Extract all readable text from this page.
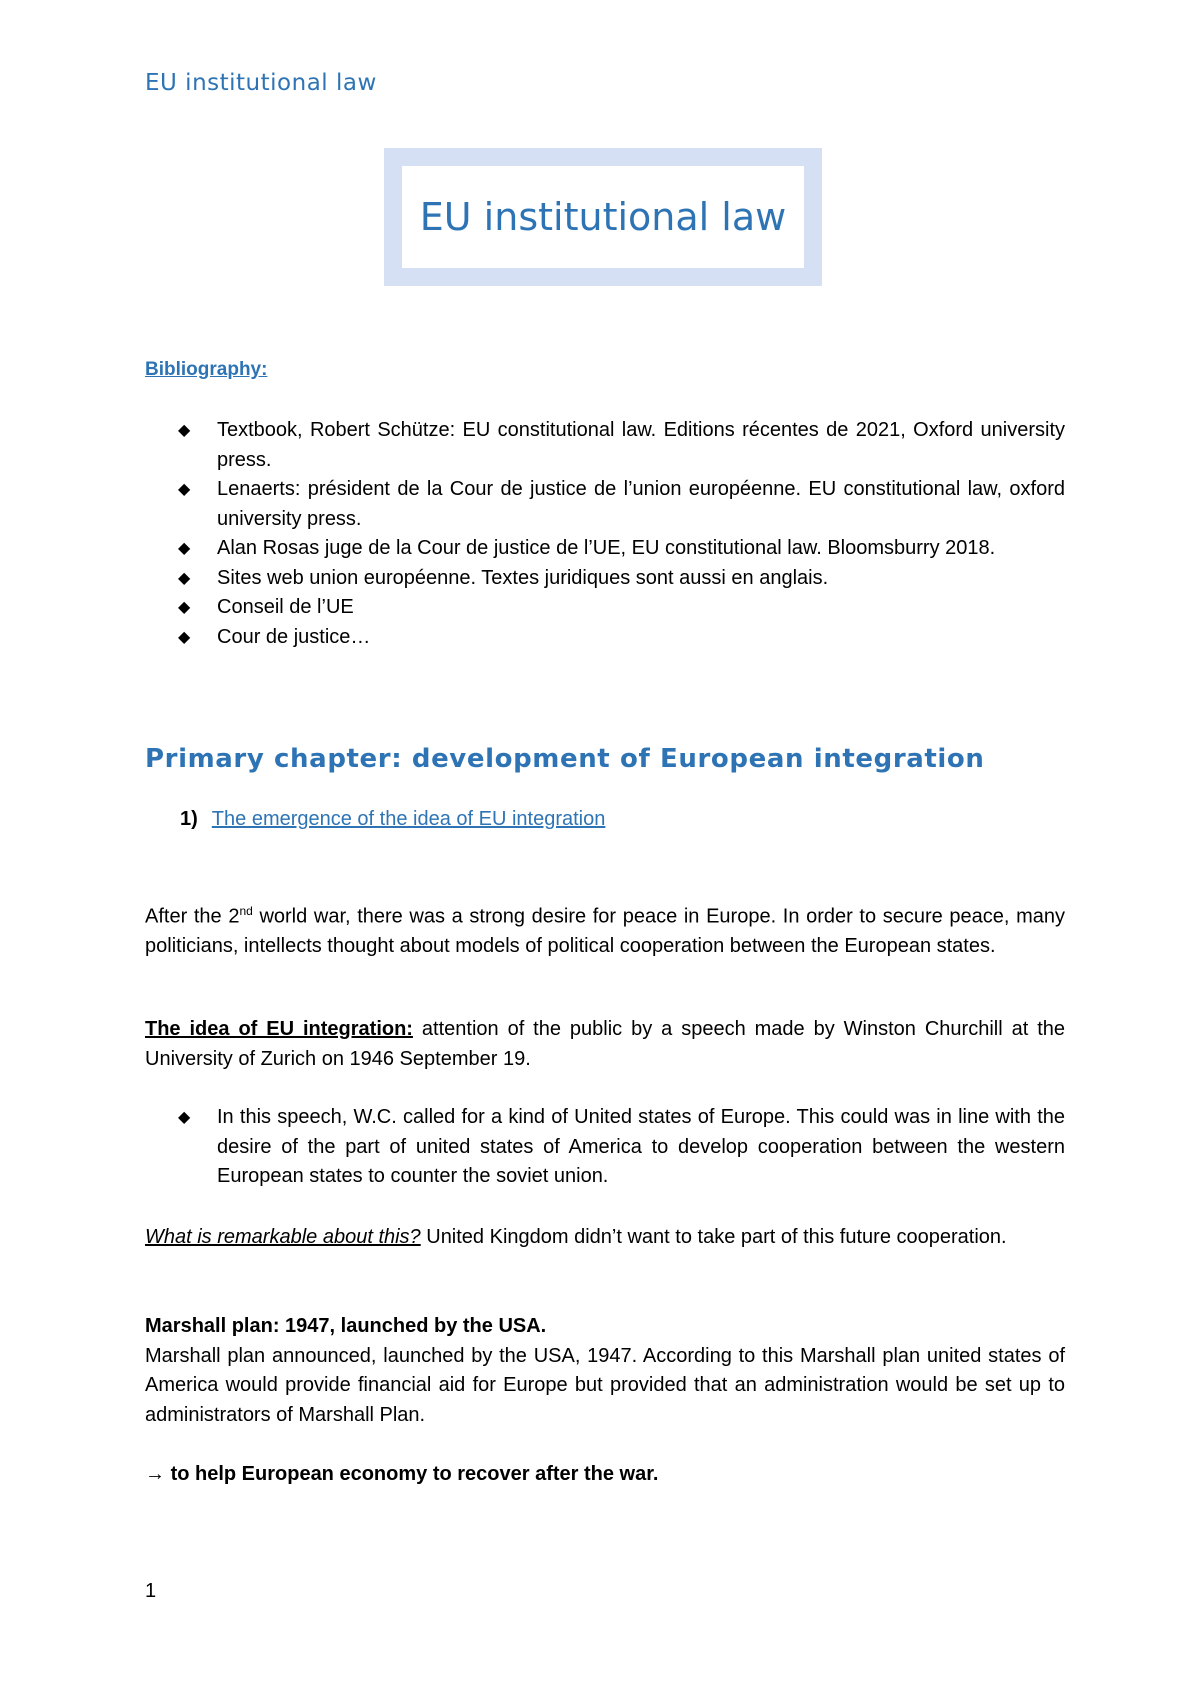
EU institutional law
EU institutional law
Bibliography:
◆ Textbook, Robert Schütze: EU constitutional law. Editions récentes de 2021, Oxford university press.
◆ Lenaerts: président de la Cour de justice de l’union européenne. EU constitutional law, oxford university press.
◆ Alan Rosas juge de la Cour de justice de l’UE, EU constitutional law. Bloomsburry 2018.
◆ Sites web union européenne. Textes juridiques sont aussi en anglais.
◆ Conseil de l’UE
◆ Cour de justice…
Primary chapter: development of European integration
1) The emergence of the idea of EU integration

After the 2nd world war, there was a strong desire for peace in Europe. In order to secure peace, many politicians, intellects thought about models of political cooperation between the European states.

The idea of EU integration: attention of the public by a speech made by Winston Churchill at the University of Zurich on 1946 September 19.

◆ In this speech, W.C. called for a kind of United states of Europe. This could was in line with the desire of the part of united states of America to develop cooperation between the western European states to counter the soviet union.

What is remarkable about this? United Kingdom didn’t want to take part of this future cooperation.

Marshall plan: 1947, launched by the USA.
Marshall plan announced, launched by the USA, 1947. According to this Marshall plan united states of America would provide financial aid for Europe but provided that an administration would be set up to administrators of Marshall Plan.

→ to help European economy to recover after the war.

1
